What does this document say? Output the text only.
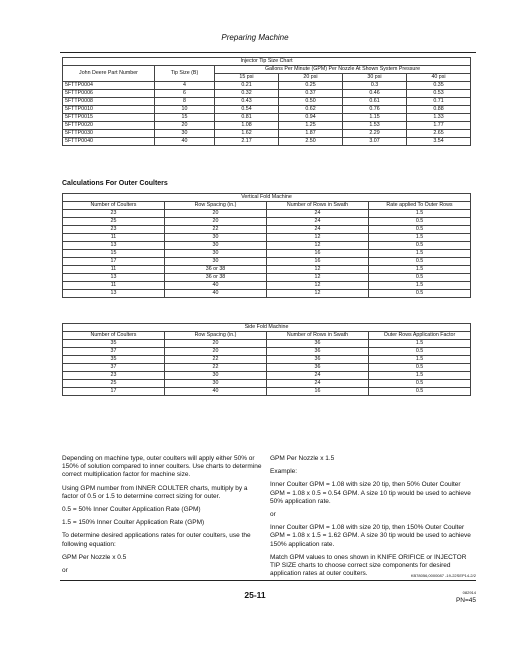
Preparing Machine
Injector Tip Size Chart					
John Deere Part Number	Tip Size (B)	Gallons Per Minute (GPM) Per Nozzle At Shown System Pressure			
		15 psi	20 psi	30 psi	40 psi
5FTTP0004	4	0.21	0.25	0.3	0.35
5FTTP0006	6	0.32	0.37	0.46	0.53
5FTTP0008	8	0.43	0.50	0.61	0.71
5FTTP0010	10	0.54	0.62	0.76	0.88
5FTTP0015	15	0.81	0.94	1.15	1.33
5FTTP0020	20	1.08	1.25	1.53	1.77
5FTTP0030	30	1.62	1.87	2.29	2.65
5FTTP0040	40	2.17	2.50	3.07	3.54
Calculations For Outer Coulters
Vertical Fold Machine			
Number of Coulters	Row Spacing (in.)	Number of Rows in Swath	Rate applied To Outer Rows
23	20	24	1.5
25	20	24	0.5
23	22	24	0.5
11	30	12	1.5
13	30	12	0.5
15	30	16	1.5
17	30	16	0.5
11	36 or 38	12	1.5
13	36 or 38	12	0.5
11	40	12	1.5
13	40	12	0.5
Side Fold Machine			
Number of Coulters	Row Spacing (in.)	Number of Rows in Swath	Outer Rows Application Factor
35	20	36	1.5
37	20	36	0.5
35	22	36	1.5
37	22	36	0.5
23	30	24	1.5
25	30	24	0.5
17	40	16	0.5

Depending on machine type, outer coulters will apply either 50% or 150% of solution compared to inner coulters. Use charts to determine correct multiplication factor for machine size.

Using GPM number from INNER COULTER charts, multiply by a factor of 0.5 or 1.5 to determine correct sizing for outer.

0.5 = 50% Inner Coulter Application Rate (GPM)

1.5 = 150% Inner Coulter Application Rate (GPM)

To determine desired applications rates for outer coulters, use the following equation:

GPM Per Nozzle x 0.5

or

GPM Per Nozzle x 1.5

Example:

Inner Coulter GPM = 1.08 with size 20 tip, then 50% Outer Coulter GPM = 1.08 x 0.5 = 0.54 GPM. A size 10 tip would be used to achieve 50% application rate.

or

Inner Coulter GPM = 1.08 with size 20 tip, then 150% Outer Coulter GPM = 1.08 x 1.5 = 1.62 GPM. A size 30 tip would be used to achieve 150% application rate.

Match GPM values to ones shown in KNIFE ORIFICE or INJECTOR TIP SIZE charts to choose correct size components for desired application rates at outer coulters.	KB78056,0000087 -19-22SEP14-2/2
25-11	082914
PN=45
